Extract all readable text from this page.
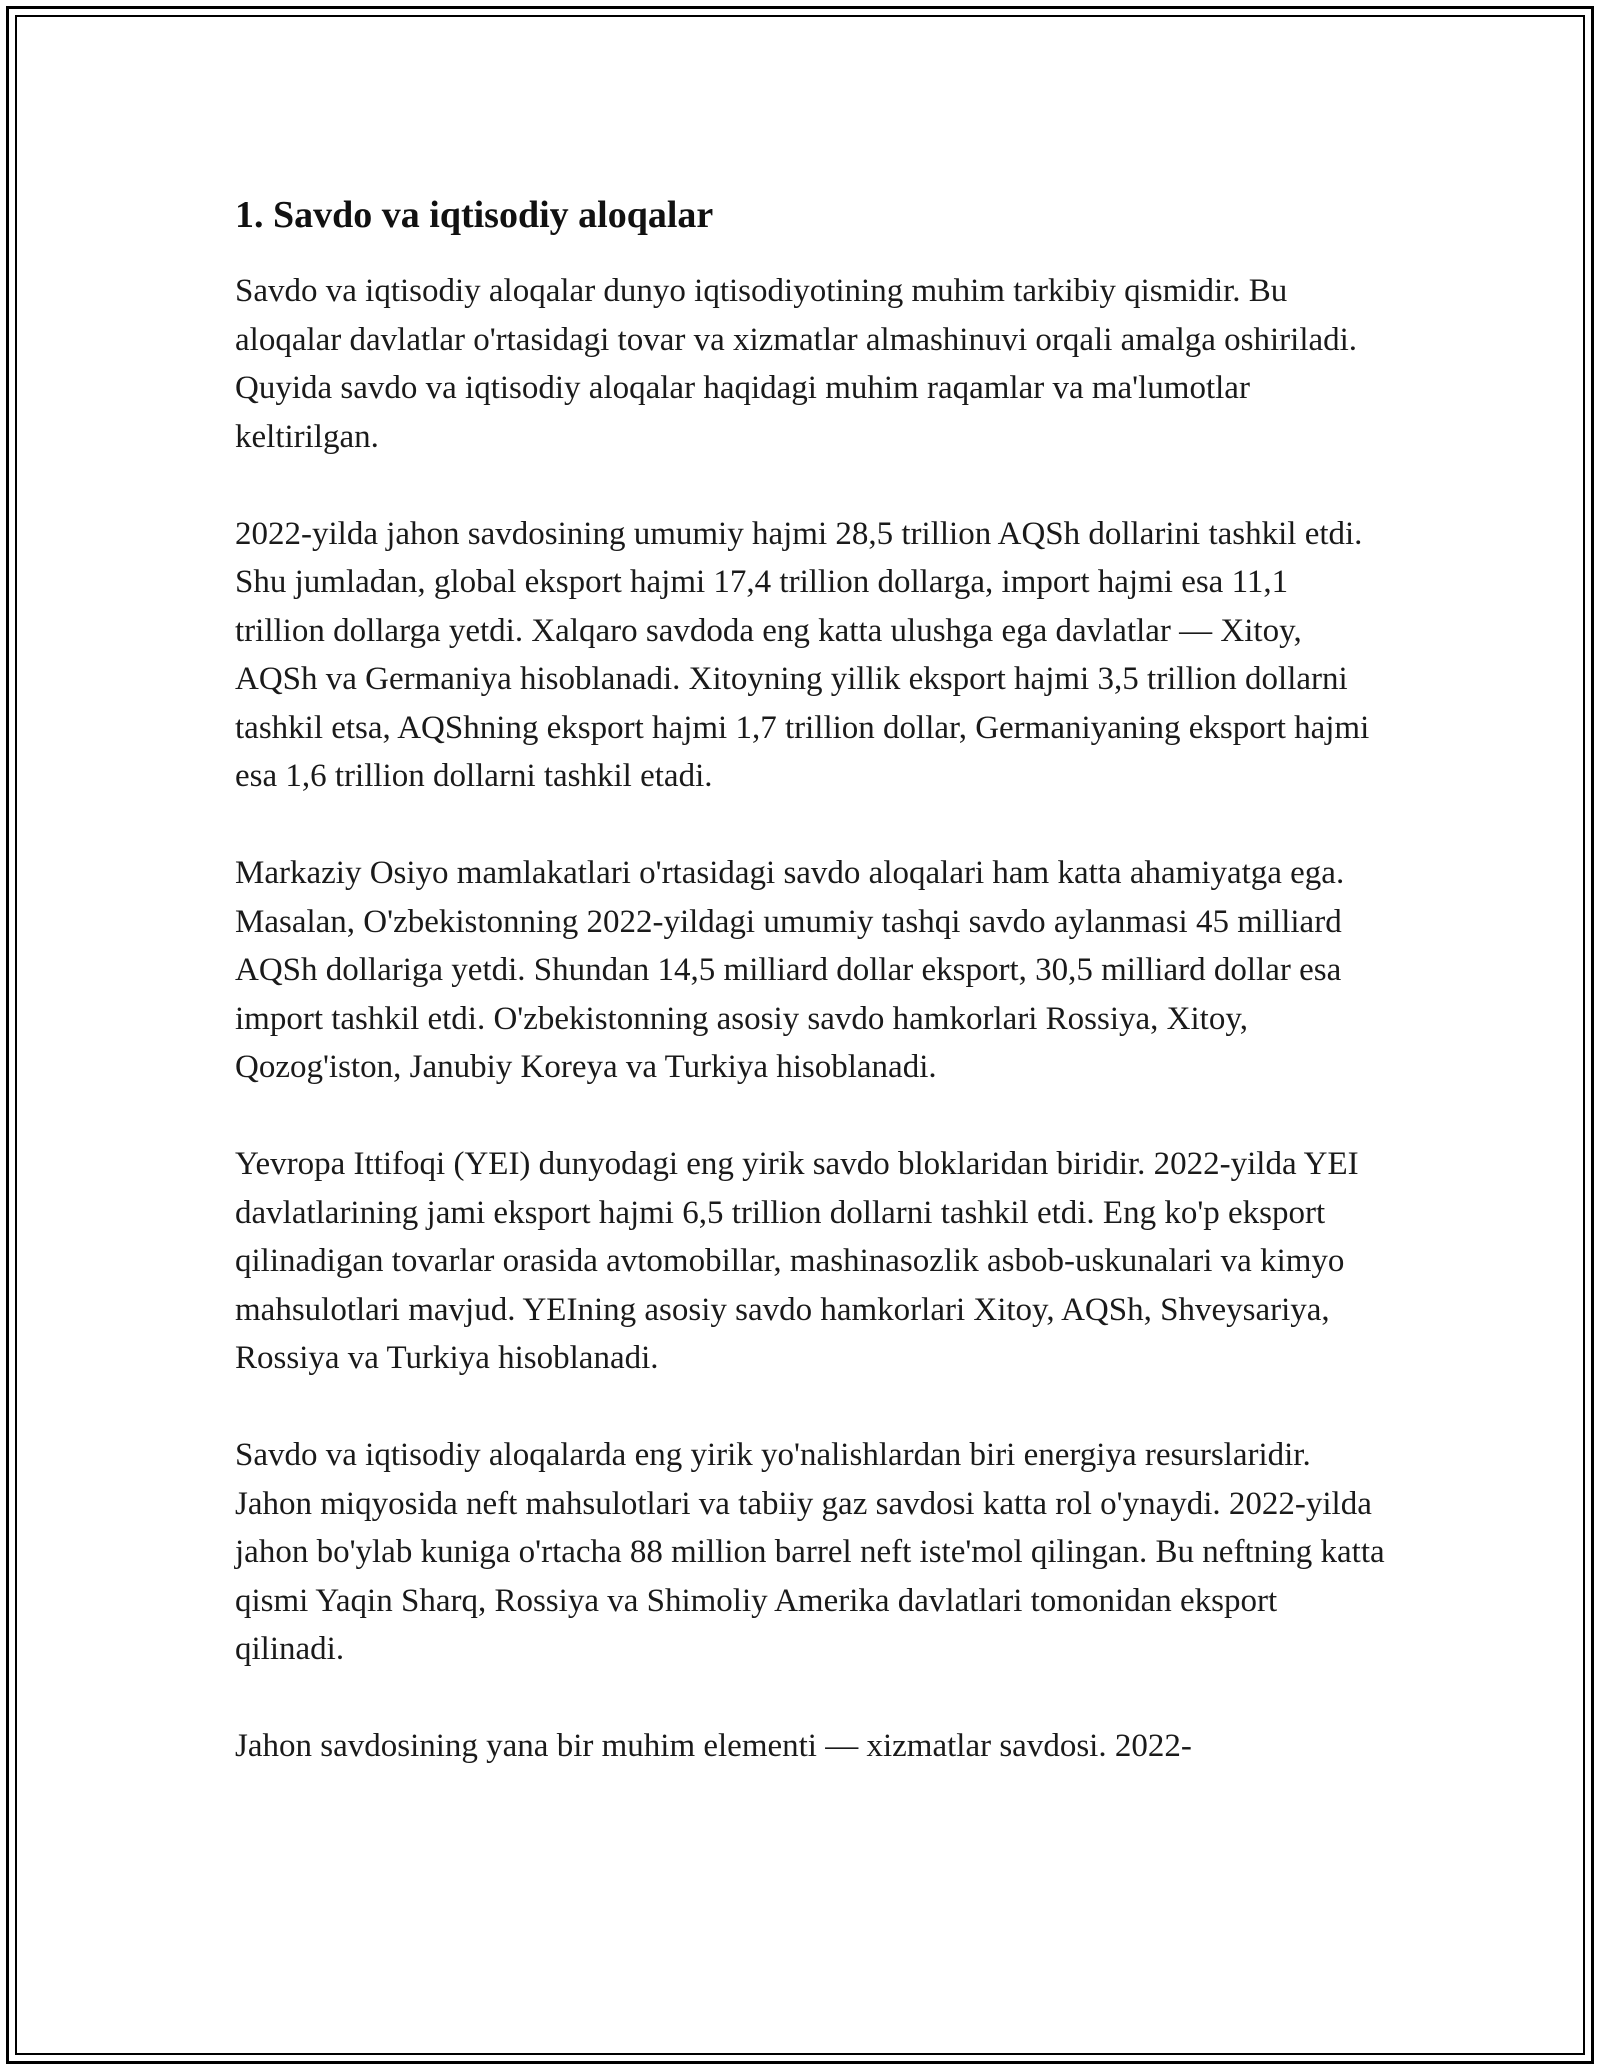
1. Savdo va iqtisodiy aloqalar

Savdo va iqtisodiy aloqalar dunyo iqtisodiyotining muhim tarkibiy qismidir. Bu aloqalar davlatlar o'rtasidagi tovar va xizmatlar almashinuvi orqali amalga oshiriladi. Quyida savdo va iqtisodiy aloqalar haqidagi muhim raqamlar va ma'lumotlar keltirilgan.

2022-yilda jahon savdosining umumiy hajmi 28,5 trillion AQSh dollarini tashkil etdi. Shu jumladan, global eksport hajmi 17,4 trillion dollarga, import hajmi esa 11,1 trillion dollarga yetdi. Xalqaro savdoda eng katta ulushga ega davlatlar — Xitoy, AQSh va Germaniya hisoblanadi. Xitoyning yillik eksport hajmi 3,5 trillion dollarni tashkil etsa, AQShning eksport hajmi 1,7 trillion dollar, Germaniyaning eksport hajmi esa 1,6 trillion dollarni tashkil etadi.

Markaziy Osiyo mamlakatlari o'rtasidagi savdo aloqalari ham katta ahamiyatga ega. Masalan, O'zbekistonning 2022-yildagi umumiy tashqi savdo aylanmasi 45 milliard AQSh dollariga yetdi. Shundan 14,5 milliard dollar eksport, 30,5 milliard dollar esa import tashkil etdi. O'zbekistonning asosiy savdo hamkorlari Rossiya, Xitoy, Qozog'iston, Janubiy Koreya va Turkiya hisoblanadi.

Yevropa Ittifoqi (YEI) dunyodagi eng yirik savdo bloklaridan biridir. 2022-yilda YEI davlatlarining jami eksport hajmi 6,5 trillion dollarni tashkil etdi. Eng ko'p eksport qilinadigan tovarlar orasida avtomobillar, mashinasozlik asbob-uskunalari va kimyo mahsulotlari mavjud. YEIning asosiy savdo hamkorlari Xitoy, AQSh, Shveysariya, Rossiya va Turkiya hisoblanadi.

Savdo va iqtisodiy aloqalarda eng yirik yo'nalishlardan biri energiya resurslaridir. Jahon miqyosida neft mahsulotlari va tabiiy gaz savdosi katta rol o'ynaydi. 2022-yilda jahon bo'ylab kuniga o'rtacha 88 million barrel neft iste'mol qilingan. Bu neftning katta qismi Yaqin Sharq, Rossiya va Shimoliy Amerika davlatlari tomonidan eksport qilinadi.

Jahon savdosining yana bir muhim elementi — xizmatlar savdosi. 2022-
